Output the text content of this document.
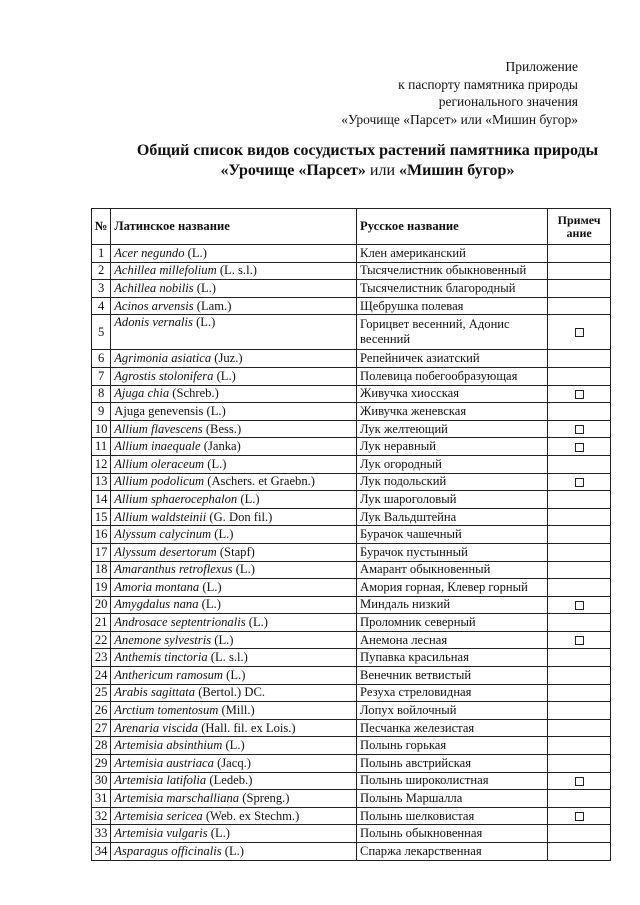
Приложение
к паспорту памятника природы
регионального значения
«Урочище «Парсет» или «Мишин бугор»
Общий список видов сосудистых растений памятника природы
«Урочище «Парсет» или «Мишин бугор»
№	Латинское название	Русское название	Примеч ание
1	Acer negundo (L.)	Клен американский	
2	Achillea millefolium (L. s.l.)	Тысячелистник обыкновенный	
3	Achillea nobilis (L.)	Тысячелистник благородный	
4	Acinos arvensis (Lam.)	Щебрушка полевая	
5	Adonis vernalis (L.)	Горицвет весенний, Адонис весенний	
6	Agrimonia asiatica (Juz.)	Репейничек азиатский	
7	Agrostis stolonifera (L.)	Полевица побегообразующая	
8	Ajuga chia (Schreb.)	Живучка хиосская	
9	Ajuga genevensis (L.)	Живучка женевская	
10	Allium flavescens (Bess.)	Лук желтеющий	
11	Allium inaequale (Janka)	Лук неравный	
12	Allium oleraceum (L.)	Лук огородный	
13	Allium podolicum (Aschers. et Graebn.)	Лук подольский	
14	Allium sphaerocephalon (L.)	Лук шароголовый	
15	Allium waldsteinii (G. Don fil.)	Лук Вальдштейна	
16	Alyssum calycinum (L.)	Бурачок чашечный	
17	Alyssum desertorum (Stapf)	Бурачок пустынный	
18	Amaranthus retroflexus (L.)	Амарант обыкновенный	
19	Amoria montana (L.)	Амория горная, Клевер горный	
20	Amygdalus nana (L.)	Миндаль низкий	
21	Androsace septentrionalis (L.)	Проломник северный	
22	Anemone sylvestris (L.)	Анемона лесная	
23	Anthemis tinctoria (L. s.l.)	Пупавка красильная	
24	Anthericum ramosum (L.)	Венечник ветвистый	
25	Arabis sagittata (Bertol.) DC.	Резуха стреловидная	
26	Arctium tomentosum (Mill.)	Лопух войлочный	
27	Arenaria viscida (Hall. fil. ex Lois.)	Песчанка железистая	
28	Artemisia absinthium (L.)	Полынь горькая	
29	Artemisia austriaca (Jacq.)	Полынь австрийская	
30	Artemisia latifolia (Ledeb.)	Полынь широколистная	
31	Artemisia marschalliana (Spreng.)	Полынь Маршалла	
32	Artemisia sericea (Web. ex Stechm.)	Полынь шелковистая	
33	Artemisia vulgaris (L.)	Полынь обыкновенная	
34	Asparagus officinalis (L.)	Спаржа лекарственная	
